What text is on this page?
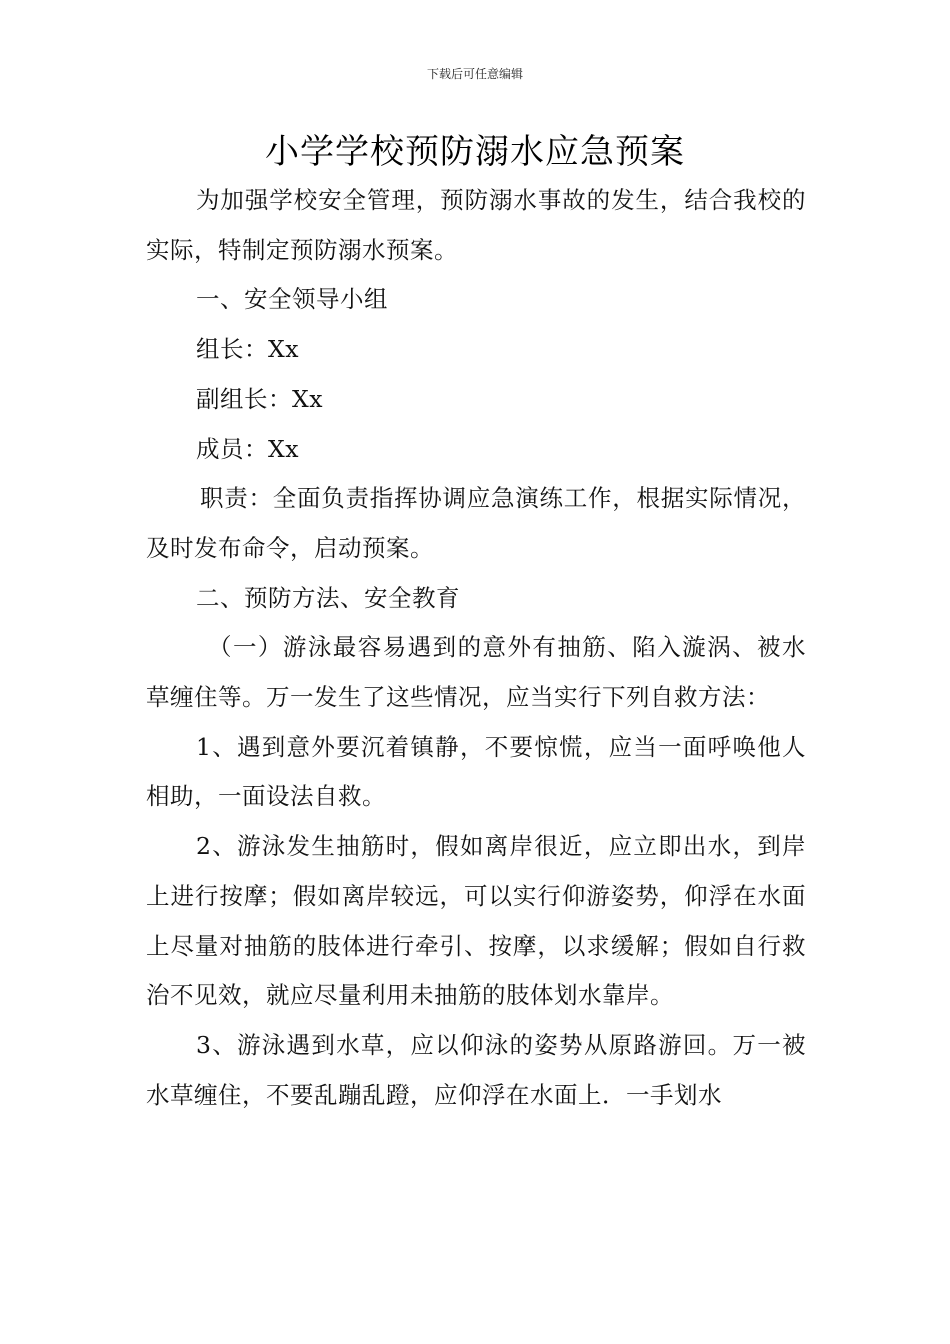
下载后可任意编辑
小学学校预防溺水应急预案

为加强学校安全管理，预防溺水事故的发生，结合我校的实际，特制定预防溺水预案。

一、安全领导小组

组长：Xx

副组长：Xx

成员：Xx

职责：全面负责指挥协调应急演练工作，根据实际情况，及时发布命令，启动预案。

二、预防方法、安全教育

（一）游泳最容易遇到的意外有抽筋、陷入漩涡、被水草缠住等。万一发生了这些情况，应当实行下列自救方法：

1、遇到意外要沉着镇静，不要惊慌，应当一面呼唤他人相助，一面设法自救。

2、游泳发生抽筋时，假如离岸很近，应立即出水，到岸上进行按摩；假如离岸较远，可以实行仰游姿势，仰浮在水面上尽量对抽筋的肢体进行牵引、按摩，以求缓解；假如自行救治不见效，就应尽量利用未抽筋的肢体划水靠岸。

3、游泳遇到水草，应以仰泳的姿势从原路游回。万一被水草缠住，不要乱蹦乱蹬，应仰浮在水面上．一手划水
